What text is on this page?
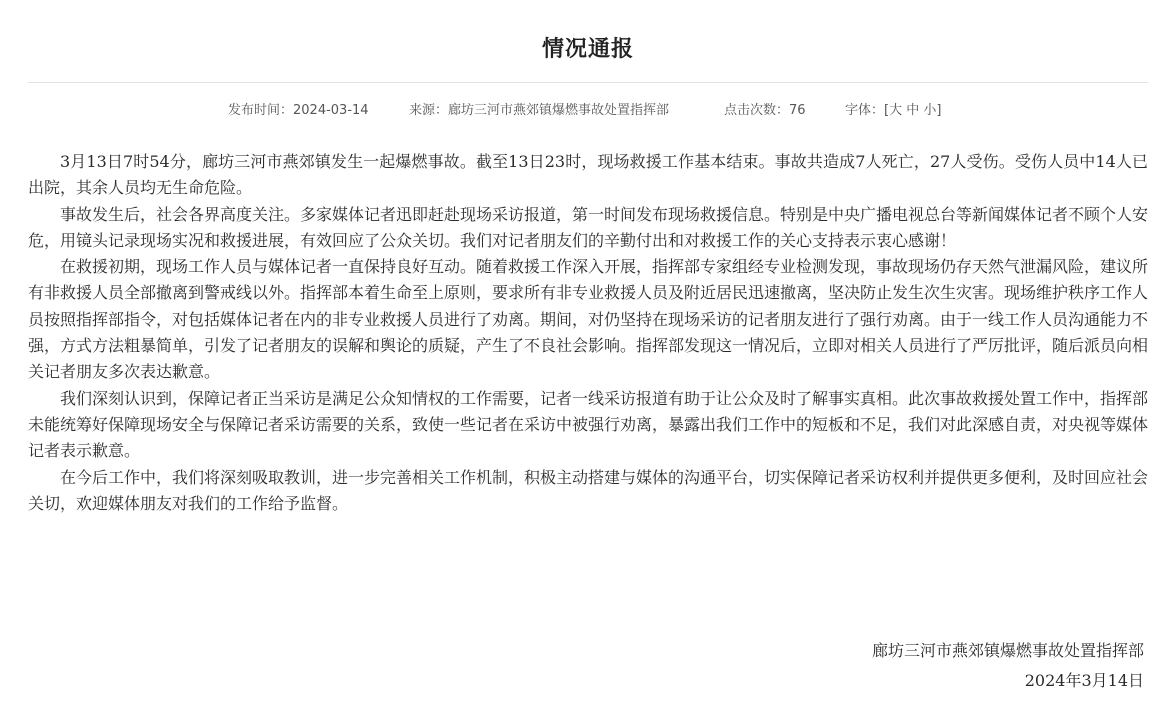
情况通报
发布时间：2024-03-14	来源：廊坊三河市燕郊镇爆燃事故处置指挥部	点击次数：76	字体：[大 中 小]

3月13日7时54分，廊坊三河市燕郊镇发生一起爆燃事故。截至13日23时，现场救援工作基本结束。事故共造成7人死亡，27人受伤。受伤人员中14人已出院，其余人员均无生命危险。

事故发生后，社会各界高度关注。多家媒体记者迅即赶赴现场采访报道，第一时间发布现场救援信息。特别是中央广播电视总台等新闻媒体记者不顾个人安危，用镜头记录现场实况和救援进展，有效回应了公众关切。我们对记者朋友们的辛勤付出和对救援工作的关心支持表示衷心感谢！

在救援初期，现场工作人员与媒体记者一直保持良好互动。随着救援工作深入开展，指挥部专家组经专业检测发现，事故现场仍存天然气泄漏风险，建议所有非救援人员全部撤离到警戒线以外。指挥部本着生命至上原则，要求所有非专业救援人员及附近居民迅速撤离，坚决防止发生次生灾害。现场维护秩序工作人员按照指挥部指令，对包括媒体记者在内的非专业救援人员进行了劝离。期间，对仍坚持在现场采访的记者朋友进行了强行劝离。由于一线工作人员沟通能力不强，方式方法粗暴简单，引发了记者朋友的误解和舆论的质疑，产生了不良社会影响。指挥部发现这一情况后，立即对相关人员进行了严厉批评，随后派员向相关记者朋友多次表达歉意。

我们深刻认识到，保障记者正当采访是满足公众知情权的工作需要，记者一线采访报道有助于让公众及时了解事实真相。此次事故救援处置工作中，指挥部未能统筹好保障现场安全与保障记者采访需要的关系，致使一些记者在采访中被强行劝离，暴露出我们工作中的短板和不足，我们对此深感自责，对央视等媒体记者表示歉意。

在今后工作中，我们将深刻吸取教训，进一步完善相关工作机制，积极主动搭建与媒体的沟通平台，切实保障记者采访权利并提供更多便利，及时回应社会关切，欢迎媒体朋友对我们的工作给予监督。

廊坊三河市燕郊镇爆燃事故处置指挥部
2024年3月14日
